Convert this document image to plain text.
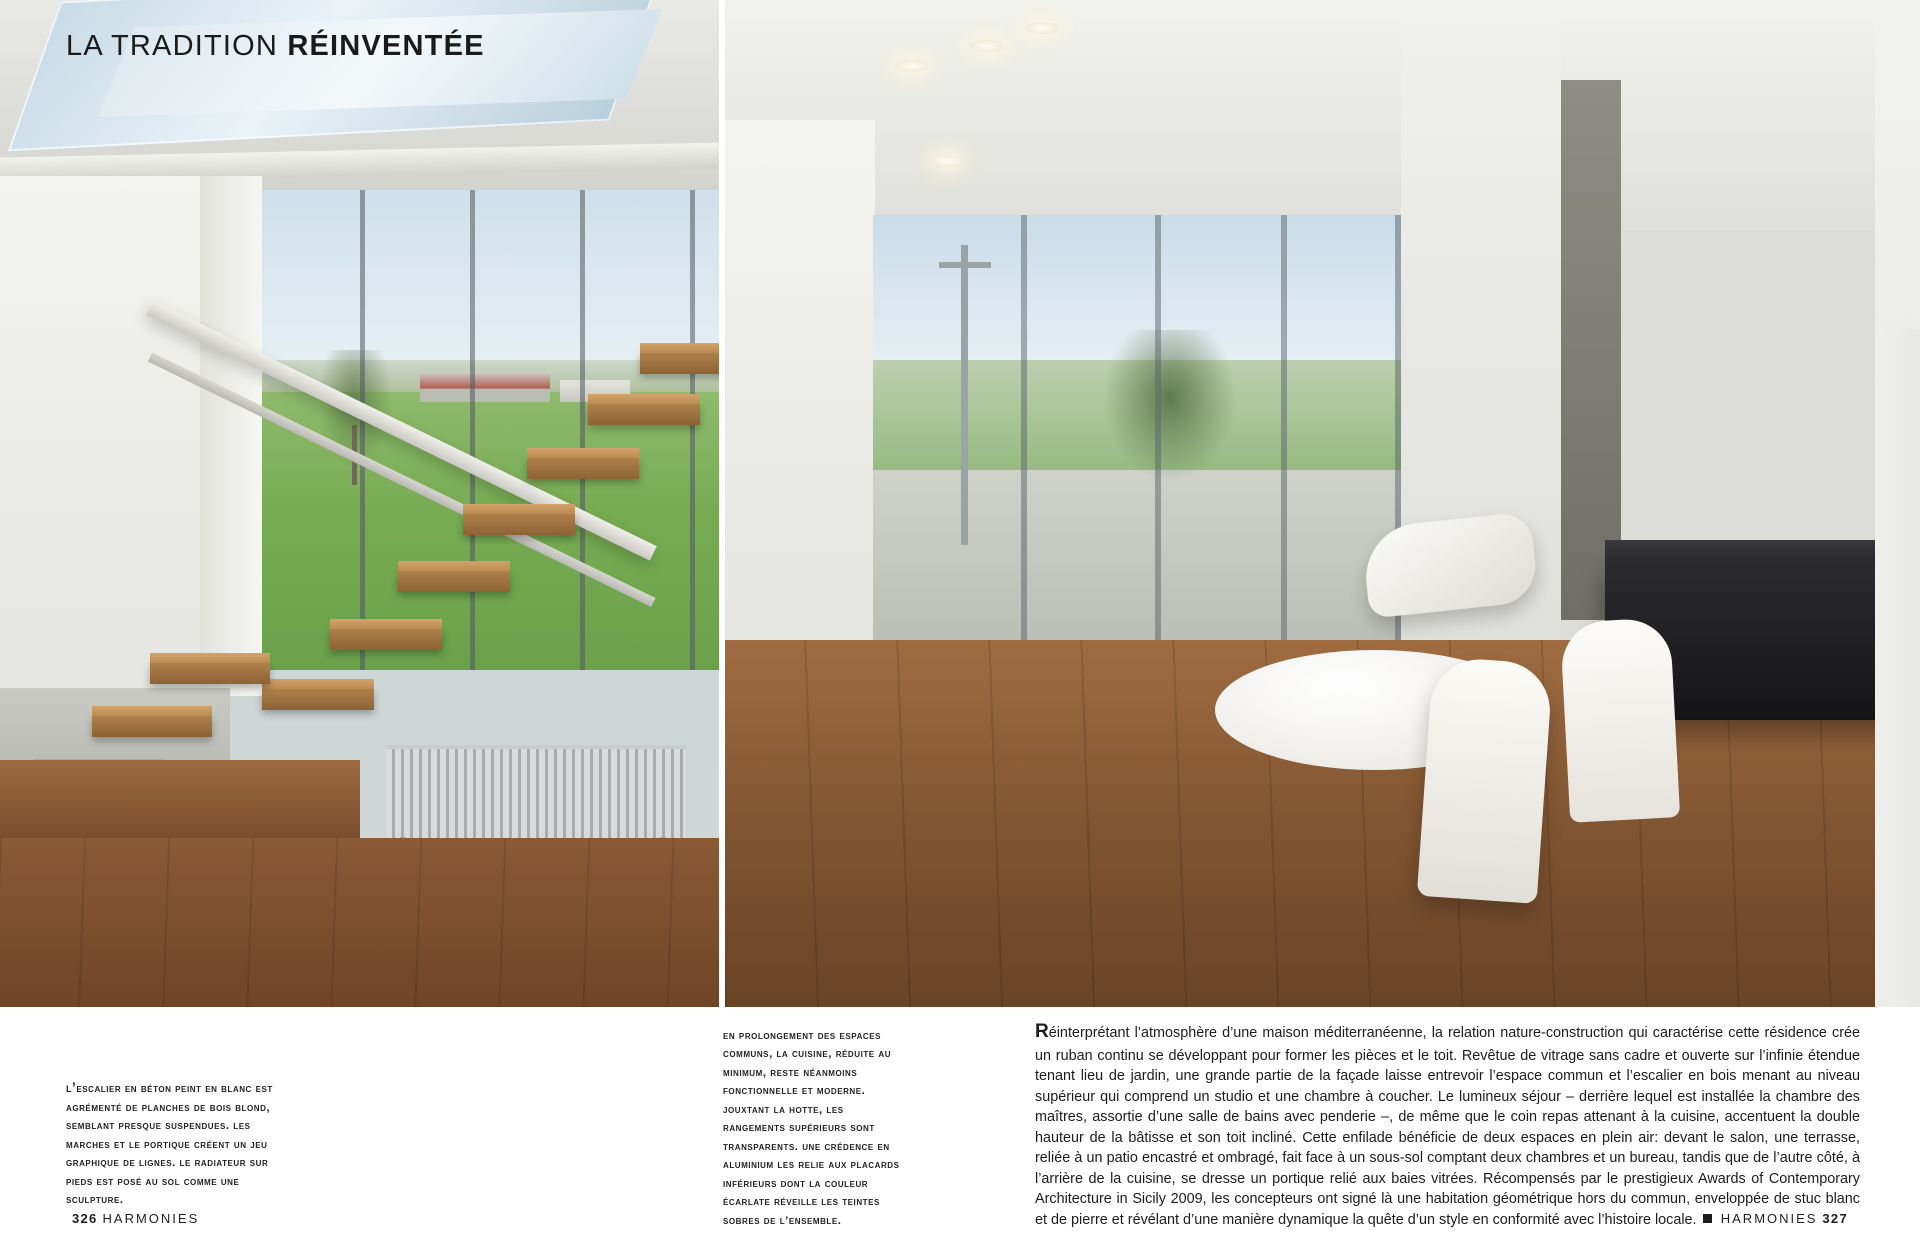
LA TRADITION RÉINVENTÉE
l’escalier en béton peint en blanc est agrémenté de planches de bois blond, semblant presque suspendues. les marches et le portique créent un jeu graphique de lignes. le radiateur sur pieds est posé au sol comme une sculpture.
en prolongement des espaces communs, la cuisine, réduite au minimum, reste néanmoins fonctionnelle et moderne. jouxtant la hotte, les rangements supérieurs sont transparents. une crédence en aluminium les relie aux placards inférieurs dont la couleur écarlate réveille les teintes sobres de l’ensemble.
Réinterprétant l’atmosphère d’une maison méditerranéenne, la relation nature-construction qui caractérise cette résidence crée un ruban continu se développant pour former les pièces et le toit. Revêtue de vitrage sans cadre et ouverte sur l’infinie étendue tenant lieu de jardin, une grande partie de la façade laisse entrevoir l’espace commun et l’escalier en bois menant au niveau supérieur qui comprend un studio et une chambre à coucher. Le lumineux séjour – derrière lequel est installée la chambre des maîtres, assortie d’une salle de bains avec penderie –, de même que le coin repas attenant à la cuisine, accentuent la double hauteur de la bâtisse et son toit incliné. Cette enfilade bénéficie de deux espaces en plein air: devant le salon, une terrasse, reliée à un patio encastré et ombragé, fait face à un sous-sol comptant deux chambres et un bureau, tandis que de l’autre côté, à l’arrière de la cuisine, se dresse un portique relié aux baies vitrées. Récompensés par le prestigieux Awards of Contemporary Architecture in Sicily 2009, les concepteurs ont signé là une habitation géométrique hors du commun, enveloppée de stuc blanc et de pierre et révélant d’une manière dynamique la quête d’un style en conformité avec l’histoire locale.
326 HARMONIES	HARMONIES 327
